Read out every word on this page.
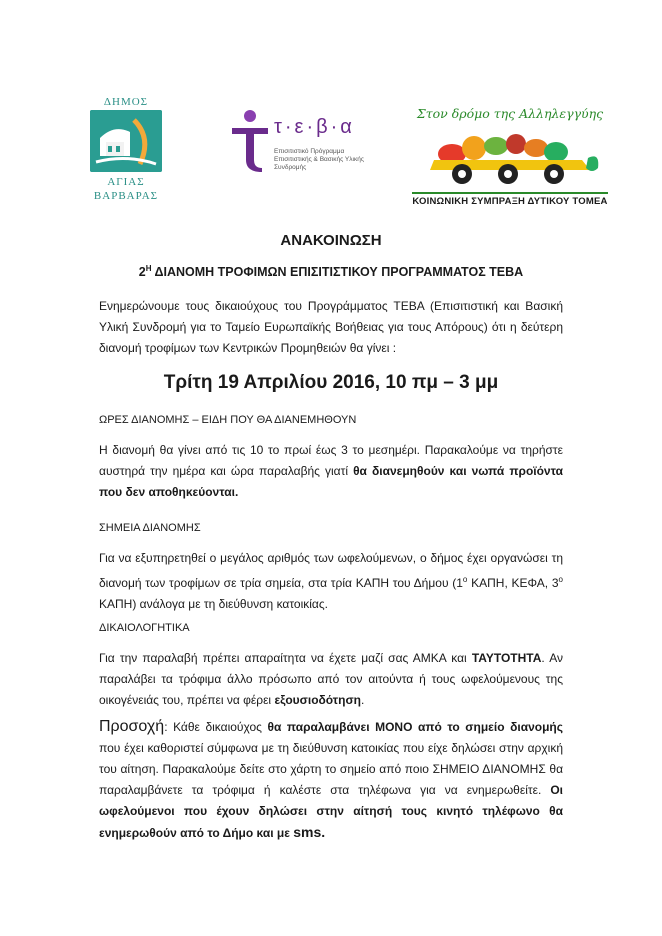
ΔΗΜΟΣ
ΑΓΙΑΣ
ΒΑΡΒΑΡΑΣ
τ·ε·β·α
Επισιτιστικό Πρόγραμμα Επισιτιστικής & Βασικής Υλικής Συνδρομής
Στον δρόμο της Αλληλεγγύης
ΚΟΙΝΩΝΙΚΗ ΣΥΜΠΡΑΞΗ ΔΥΤΙΚΟΥ ΤΟΜΕΑ
ΑΝΑΚΟΙΝΩΣΗ
$2^H$ ΔΙΑΝΟΜΗ ΤΡΟΦΙΜΩΝ ΕΠΙΣΙΤΙΣΤΙΚΟΥ ΠΡΟΓΡΑΜΜΑΤΟΣ ΤΕΒΑ
Ενημερώνουμε τους δικαιούχους του Προγράμματος ΤΕΒΑ (Επισιτιστική και Βασική Υλική Συνδρομή για το Ταμείο Ευρωπαϊκής Βοήθειας για τους Απόρους) ότι η δεύτερη διανομή τροφίμων των Κεντρικών Προμηθειών θα γίνει :
Τρίτη 19 Απριλίου 2016, 10 πμ – 3 μμ
ΩΡΕΣ ΔΙΑΝΟΜΗΣ – ΕΙΔΗ ΠΟΥ ΘΑ ΔΙΑΝΕΜΗΘΟΥΝ
Η διανομή θα γίνει από τις 10 το πρωί έως 3 το μεσημέρι. Παρακαλούμε να τηρήστε αυστηρά την ημέρα και ώρα παραλαβής γιατί θα διανεμηθούν και νωπά προϊόντα που δεν αποθηκεύονται.
ΣΗΜΕΙΑ ΔΙΑΝΟΜΗΣ
Για να εξυπηρετηθεί ο μεγάλος αριθμός των ωφελούμενων, ο δήμος έχει οργανώσει τη διανομή των τροφίμων σε τρία σημεία, στα τρία ΚΑΠΗ του Δήμου ($1^o$ ΚΑΠΗ, ΚΕΦΑ, $3^o$ ΚΑΠΗ) ανάλογα με τη διεύθυνση κατοικίας.
ΔΙΚΑΙΟΛΟΓΗΤΙΚΑ
Για την παραλαβή πρέπει απαραίτητα να έχετε μαζί σας ΑΜΚΑ και ΤΑΥΤΟΤΗΤΑ. Αν παραλάβει τα τρόφιμα άλλο πρόσωπο από τον αιτούντα ή τους ωφελούμενους της οικογένειάς του, πρέπει να φέρει εξουσιοδότηση.
Προσοχή: Κάθε δικαιούχος θα παραλαμβάνει ΜΟΝΟ από το σημείο διανομής που έχει καθοριστεί σύμφωνα με τη διεύθυνση κατοικίας που είχε δηλώσει στην αρχική του αίτηση. Παρακαλούμε δείτε στο χάρτη το σημείο από ποιο ΣΗΜΕΙΟ ΔΙΑΝΟΜΗΣ θα παραλαμβάνετε τα τρόφιμα ή καλέστε στα τηλέφωνα για να ενημερωθείτε. Οι ωφελούμενοι που έχουν δηλώσει στην αίτησή τους κινητό τηλέφωνο θα ενημερωθούν από το Δήμο και με sms.
